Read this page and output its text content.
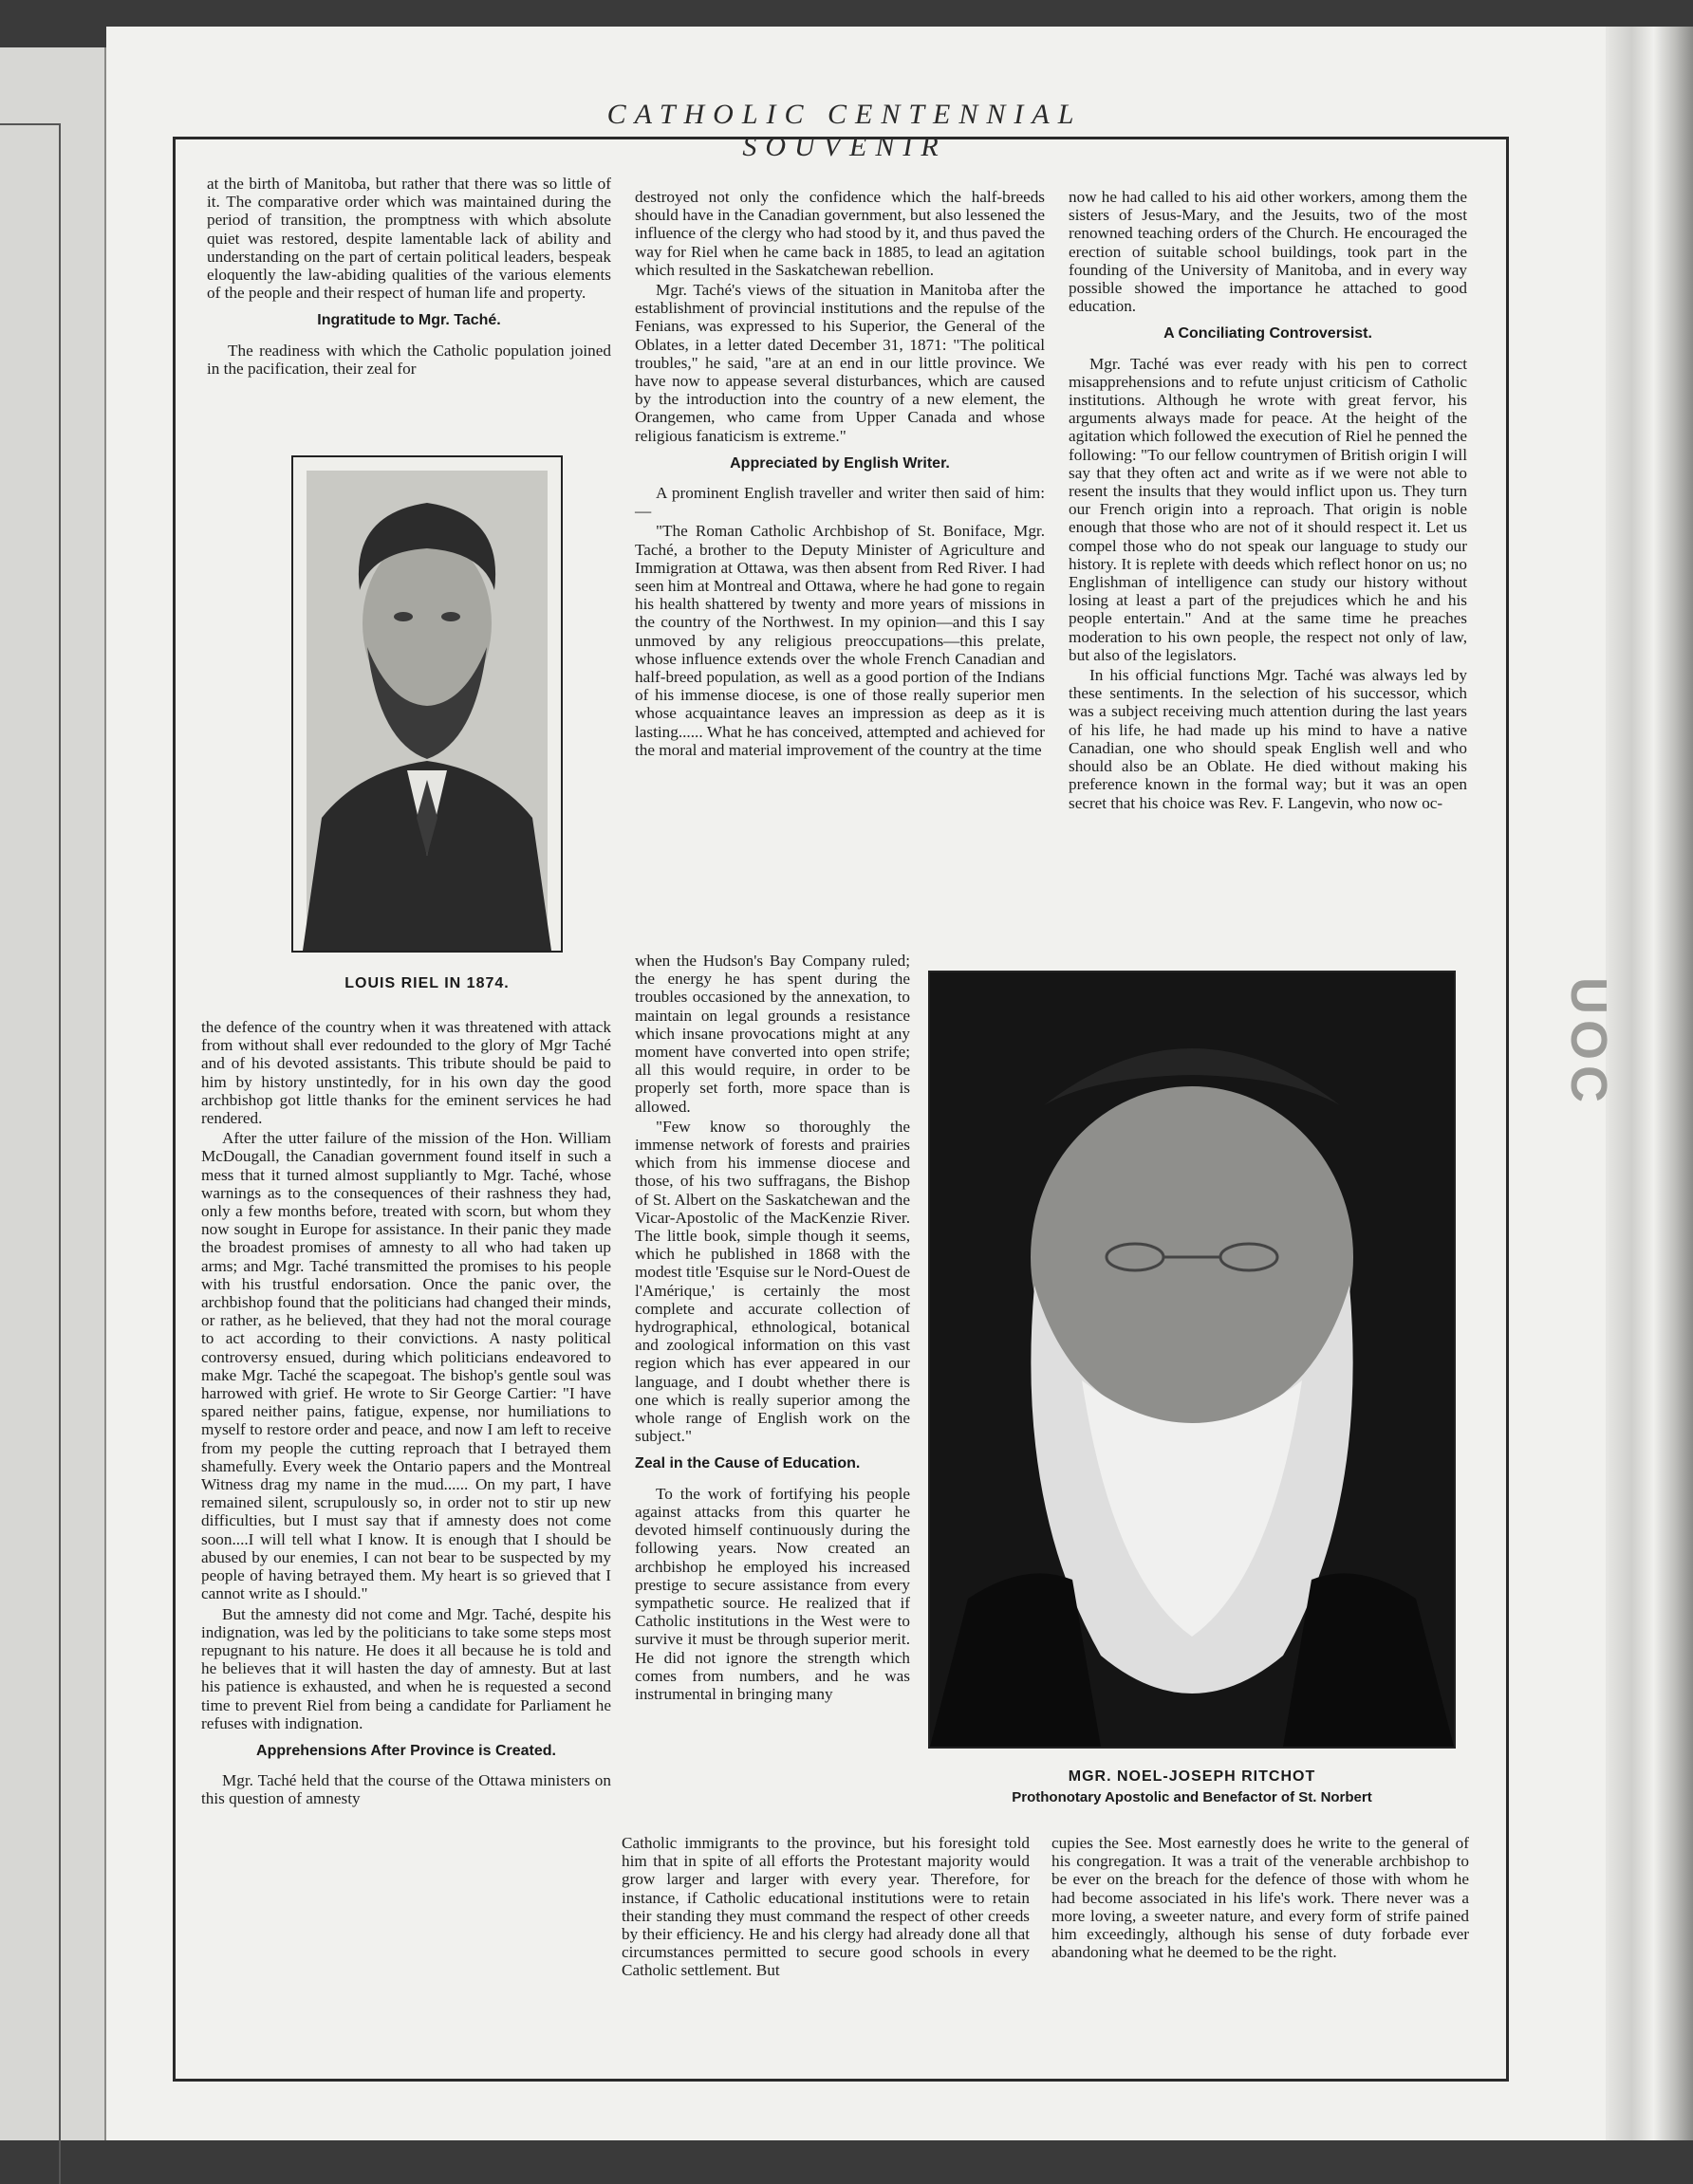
UOC
CATHOLIC CENTENNIAL SOUVENIR

at the birth of Manitoba, but rather that there was so little of it. The comparative order which was maintained during the period of transition, the promptness with which absolute quiet was restored, despite lamentable lack of ability and understanding on the part of certain political leaders, bespeak eloquently the law-abiding qualities of the various elements of the people and their respect of human life and property.

Ingratitude to Mgr. Taché.

The readiness with which the Catholic population joined in the pacification, their zeal for

LOUIS RIEL IN 1874.

the defence of the country when it was threatened with attack from without shall ever redounded to the glory of Mgr Taché and of his devoted assistants. This tribute should be paid to him by history unstintedly, for in his own day the good archbishop got little thanks for the eminent services he had rendered.

After the utter failure of the mission of the Hon. William McDougall, the Canadian government found itself in such a mess that it turned almost suppliantly to Mgr. Taché, whose warnings as to the consequences of their rashness they had, only a few months before, treated with scorn, but whom they now sought in Europe for assistance. In their panic they made the broadest promises of amnesty to all who had taken up arms; and Mgr. Taché transmitted the promises to his people with his trustful endorsation. Once the panic over, the archbishop found that the politicians had changed their minds, or rather, as he believed, that they had not the moral courage to act according to their convictions. A nasty political controversy ensued, during which politicians endeavored to make Mgr. Taché the scapegoat. The bishop's gentle soul was harrowed with grief. He wrote to Sir George Cartier: "I have spared neither pains, fatigue, expense, nor humiliations to myself to restore order and peace, and now I am left to receive from my people the cutting reproach that I betrayed them shamefully. Every week the Ontario papers and the Montreal Witness drag my name in the mud...... On my part, I have remained silent, scrupulously so, in order not to stir up new difficulties, but I must say that if amnesty does not come soon....I will tell what I know. It is enough that I should be abused by our enemies, I can not bear to be suspected by my people of having betrayed them. My heart is so grieved that I cannot write as I should."

But the amnesty did not come and Mgr. Taché, despite his indignation, was led by the politicians to take some steps most repugnant to his nature. He does it all because he is told and he believes that it will hasten the day of amnesty. But at last his patience is exhausted, and when he is requested a second time to prevent Riel from being a candidate for Parliament he refuses with indignation.

Apprehensions After Province is Created.

Mgr. Taché held that the course of the Ottawa ministers on this question of amnesty

destroyed not only the confidence which the half-breeds should have in the Canadian government, but also lessened the influence of the clergy who had stood by it, and thus paved the way for Riel when he came back in 1885, to lead an agitation which resulted in the Saskatchewan rebellion.

Mgr. Taché's views of the situation in Manitoba after the establishment of provincial institutions and the repulse of the Fenians, was expressed to his Superior, the General of the Oblates, in a letter dated December 31, 1871: "The political troubles," he said, "are at an end in our little province. We have now to appease several disturbances, which are caused by the introduction into the country of a new element, the Orangemen, who came from Upper Canada and whose religious fanaticism is extreme."

Appreciated by English Writer.

A prominent English traveller and writer then said of him:—

"The Roman Catholic Archbishop of St. Boniface, Mgr. Taché, a brother to the Deputy Minister of Agriculture and Immigration at Ottawa, was then absent from Red River. I had seen him at Montreal and Ottawa, where he had gone to regain his health shattered by twenty and more years of missions in the country of the Northwest. In my opinion—and this I say unmoved by any religious preoccupations—this prelate, whose influence extends over the whole French Canadian and half-breed population, as well as a good portion of the Indians of his immense diocese, is one of those really superior men whose acquaintance leaves an impression as deep as it is lasting...... What he has conceived, attempted and achieved for the moral and material improvement of the country at the time

when the Hudson's Bay Company ruled; the energy he has spent during the troubles occasioned by the annexation, to maintain on legal grounds a resistance which insane provocations might at any moment have converted into open strife; all this would require, in order to be properly set forth, more space than is allowed.

"Few know so thoroughly the immense network of forests and prairies which from his immense diocese and those, of his two suffragans, the Bishop of St. Albert on the Saskatchewan and the Vicar-Apostolic of the MacKenzie River. The little book, simple though it seems, which he published in 1868 with the modest title 'Esquise sur le Nord-Ouest de l'Amérique,' is certainly the most complete and accurate collection of hydrographical, ethnological, botanical and zoological information on this vast region which has ever appeared in our language, and I doubt whether there is one which is really superior among the whole range of English work on the subject."

Zeal in the Cause of Education.

To the work of fortifying his people against attacks from this quarter he devoted himself continuously during the following years. Now created an archbishop he employed his increased prestige to secure assistance from every sympathetic source. He realized that if Catholic institutions in the West were to survive it must be through superior merit. He did not ignore the strength which comes from numbers, and he was instrumental in bringing many

Catholic immigrants to the province, but his foresight told him that in spite of all efforts the Protestant majority would grow larger and larger with every year. Therefore, for instance, if Catholic educational institutions were to retain their standing they must command the respect of other creeds by their efficiency. He and his clergy had already done all that circumstances permitted to secure good schools in every Catholic settlement. But

now he had called to his aid other workers, among them the sisters of Jesus-Mary, and the Jesuits, two of the most renowned teaching orders of the Church. He encouraged the erection of suitable school buildings, took part in the founding of the University of Manitoba, and in every way possible showed the importance he attached to good education.

A Conciliating Controversist.

Mgr. Taché was ever ready with his pen to correct misapprehensions and to refute unjust criticism of Catholic institutions. Although he wrote with great fervor, his arguments always made for peace. At the height of the agitation which followed the execution of Riel he penned the following: "To our fellow countrymen of British origin I will say that they often act and write as if we were not able to resent the insults that they would inflict upon us. They turn our French origin into a reproach. That origin is noble enough that those who are not of it should respect it. Let us compel those who do not speak our language to study our history. It is replete with deeds which reflect honor on us; no Englishman of intelligence can study our history without losing at least a part of the prejudices which he and his people entertain." And at the same time he preaches moderation to his own people, the respect not only of law, but also of the legislators.

In his official functions Mgr. Taché was always led by these sentiments. In the selection of his successor, which was a subject receiving much attention during the last years of his life, he had made up his mind to have a native Canadian, one who should speak English well and who should also be an Oblate. He died without making his preference known in the formal way; but it was an open secret that his choice was Rev. F. Langevin, who now oc-

MGR. NOEL-JOSEPH RITCHOT
Prothonotary Apostolic and Benefactor of St. Norbert

cupies the See. Most earnestly does he write to the general of his congregation. It was a trait of the venerable archbishop to be ever on the breach for the defence of those with whom he had become associated in his life's work. There never was a more loving, a sweeter nature, and every form of strife pained him exceedingly, although his sense of duty forbade ever abandoning what he deemed to be the right.
